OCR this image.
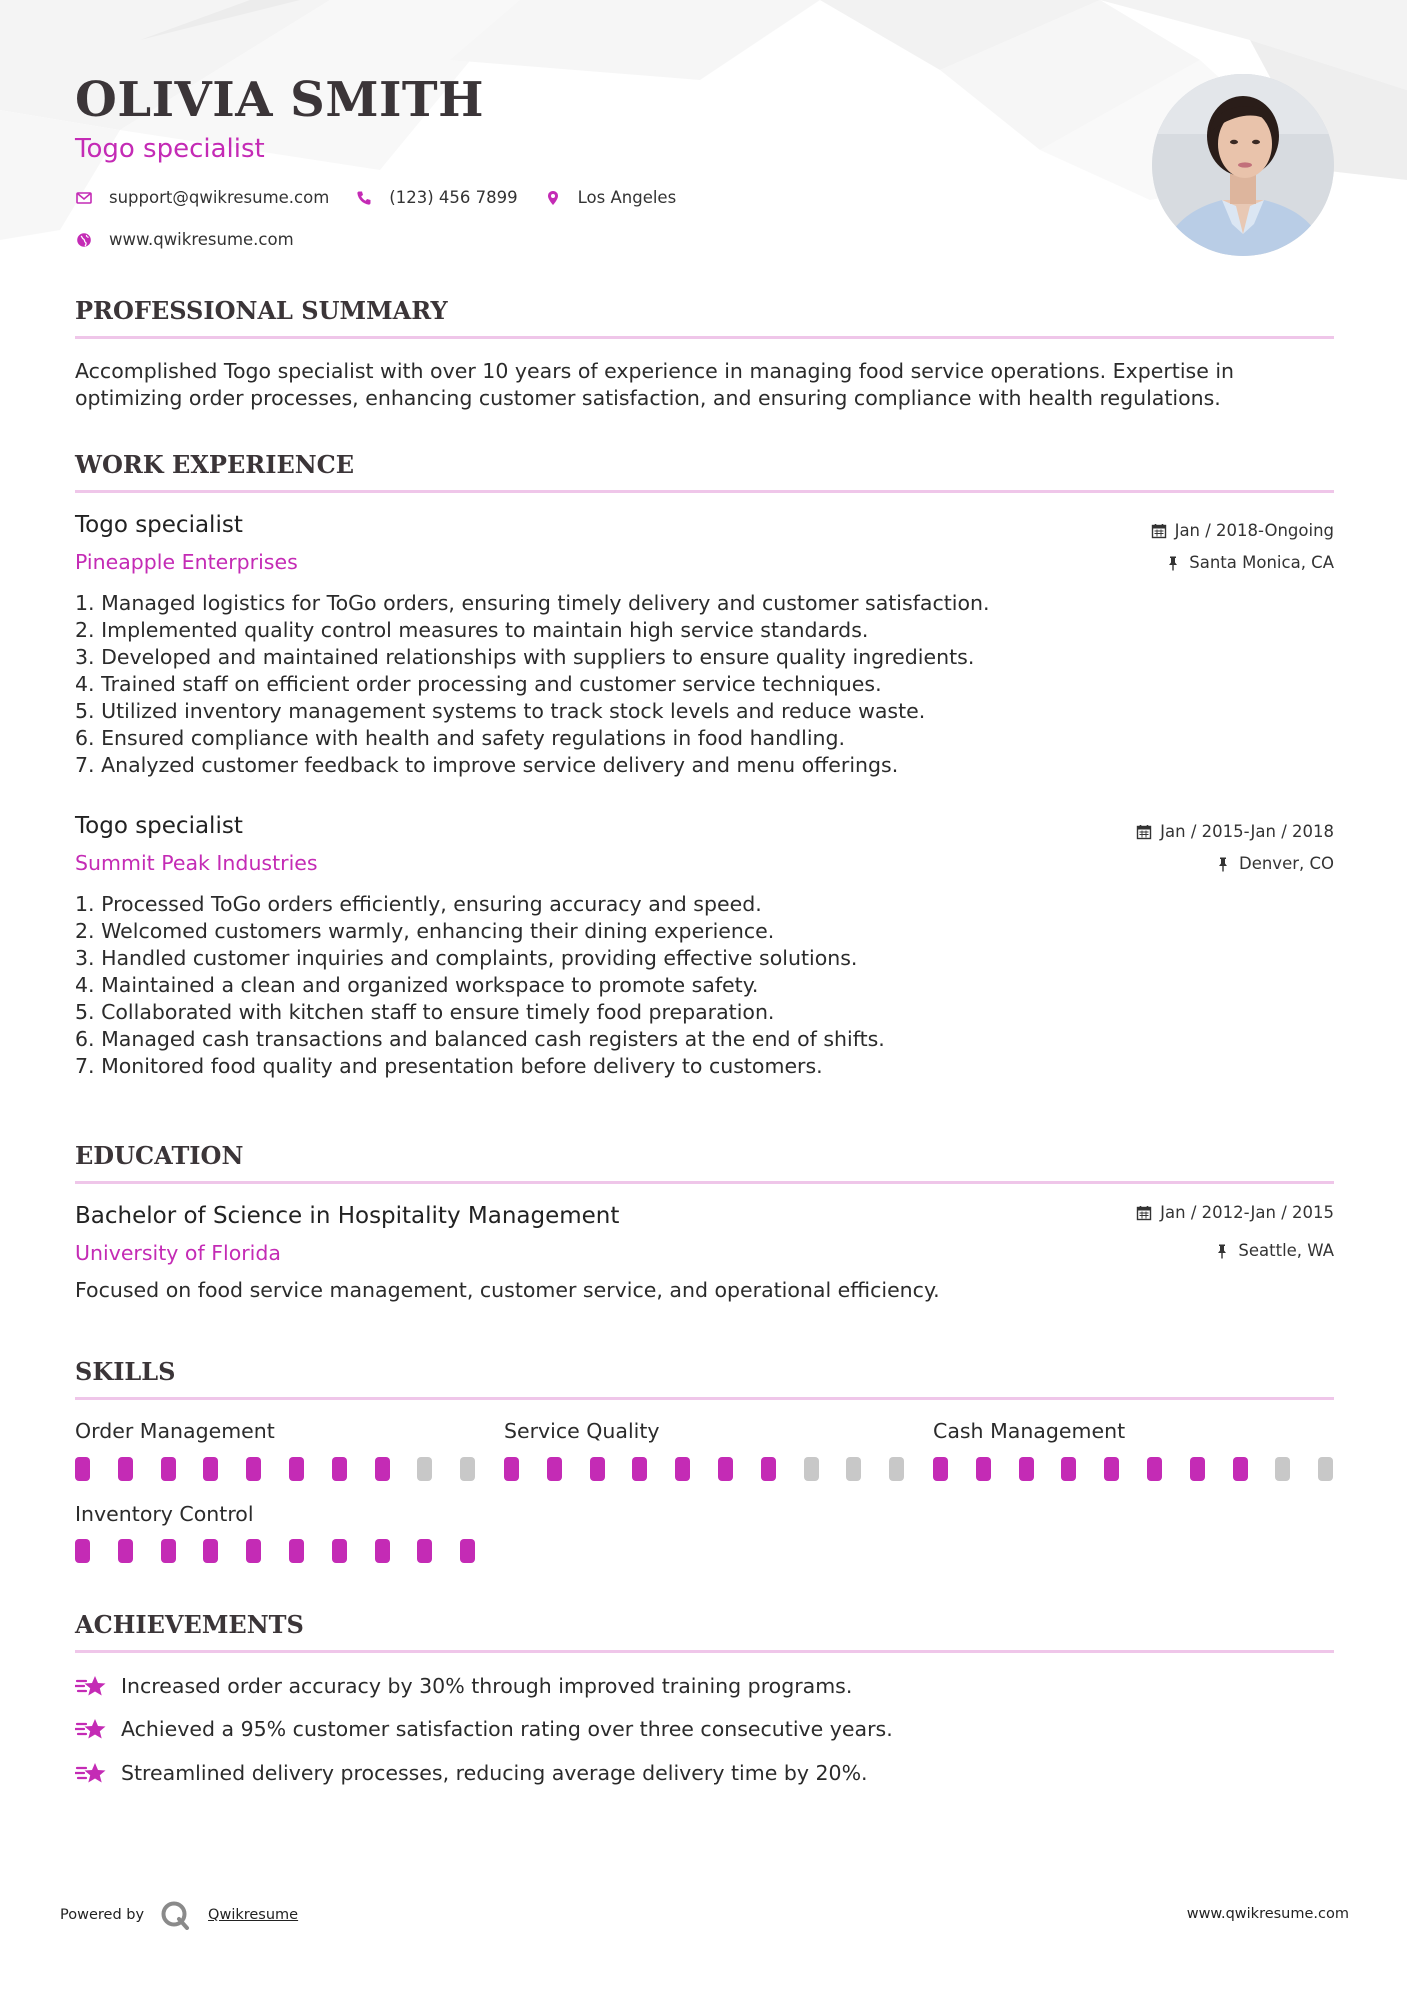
OLIVIA SMITH
Togo specialist
support@qwikresume.com	(123) 456 7899	Los Angeles
www.qwikresume.com
PROFESSIONAL SUMMARY
Accomplished Togo specialist with over 10 years of experience in managing food service operations. Expertise in
optimizing order processes, enhancing customer satisfaction, and ensuring compliance with health regulations.
WORK EXPERIENCE
Togo specialist
Pineapple Enterprises
Jan / 2018-Ongoing
Santa Monica, CA
1. Managed logistics for ToGo orders, ensuring timely delivery and customer satisfaction.
2. Implemented quality control measures to maintain high service standards.
3. Developed and maintained relationships with suppliers to ensure quality ingredients.
4. Trained staff on efficient order processing and customer service techniques.
5. Utilized inventory management systems to track stock levels and reduce waste.
6. Ensured compliance with health and safety regulations in food handling.
7. Analyzed customer feedback to improve service delivery and menu offerings.
Togo specialist
Summit Peak Industries
Jan / 2015-Jan / 2018
Denver, CO
1. Processed ToGo orders efficiently, ensuring accuracy and speed.
2. Welcomed customers warmly, enhancing their dining experience.
3. Handled customer inquiries and complaints, providing effective solutions.
4. Maintained a clean and organized workspace to promote safety.
5. Collaborated with kitchen staff to ensure timely food preparation.
6. Managed cash transactions and balanced cash registers at the end of shifts.
7. Monitored food quality and presentation before delivery to customers.
EDUCATION
Bachelor of Science in Hospitality Management
University of Florida
Jan / 2012-Jan / 2015
Seattle, WA
Focused on food service management, customer service, and operational efficiency.
SKILLS
Order Management	Service Quality	Cash Management
Inventory Control
ACHIEVEMENTS
Increased order accuracy by 30% through improved training programs.
Achieved a 95% customer satisfaction rating over three consecutive years.
Streamlined delivery processes, reducing average delivery time by 20%.
Powered by	Qwikresume	www.qwikresume.com
